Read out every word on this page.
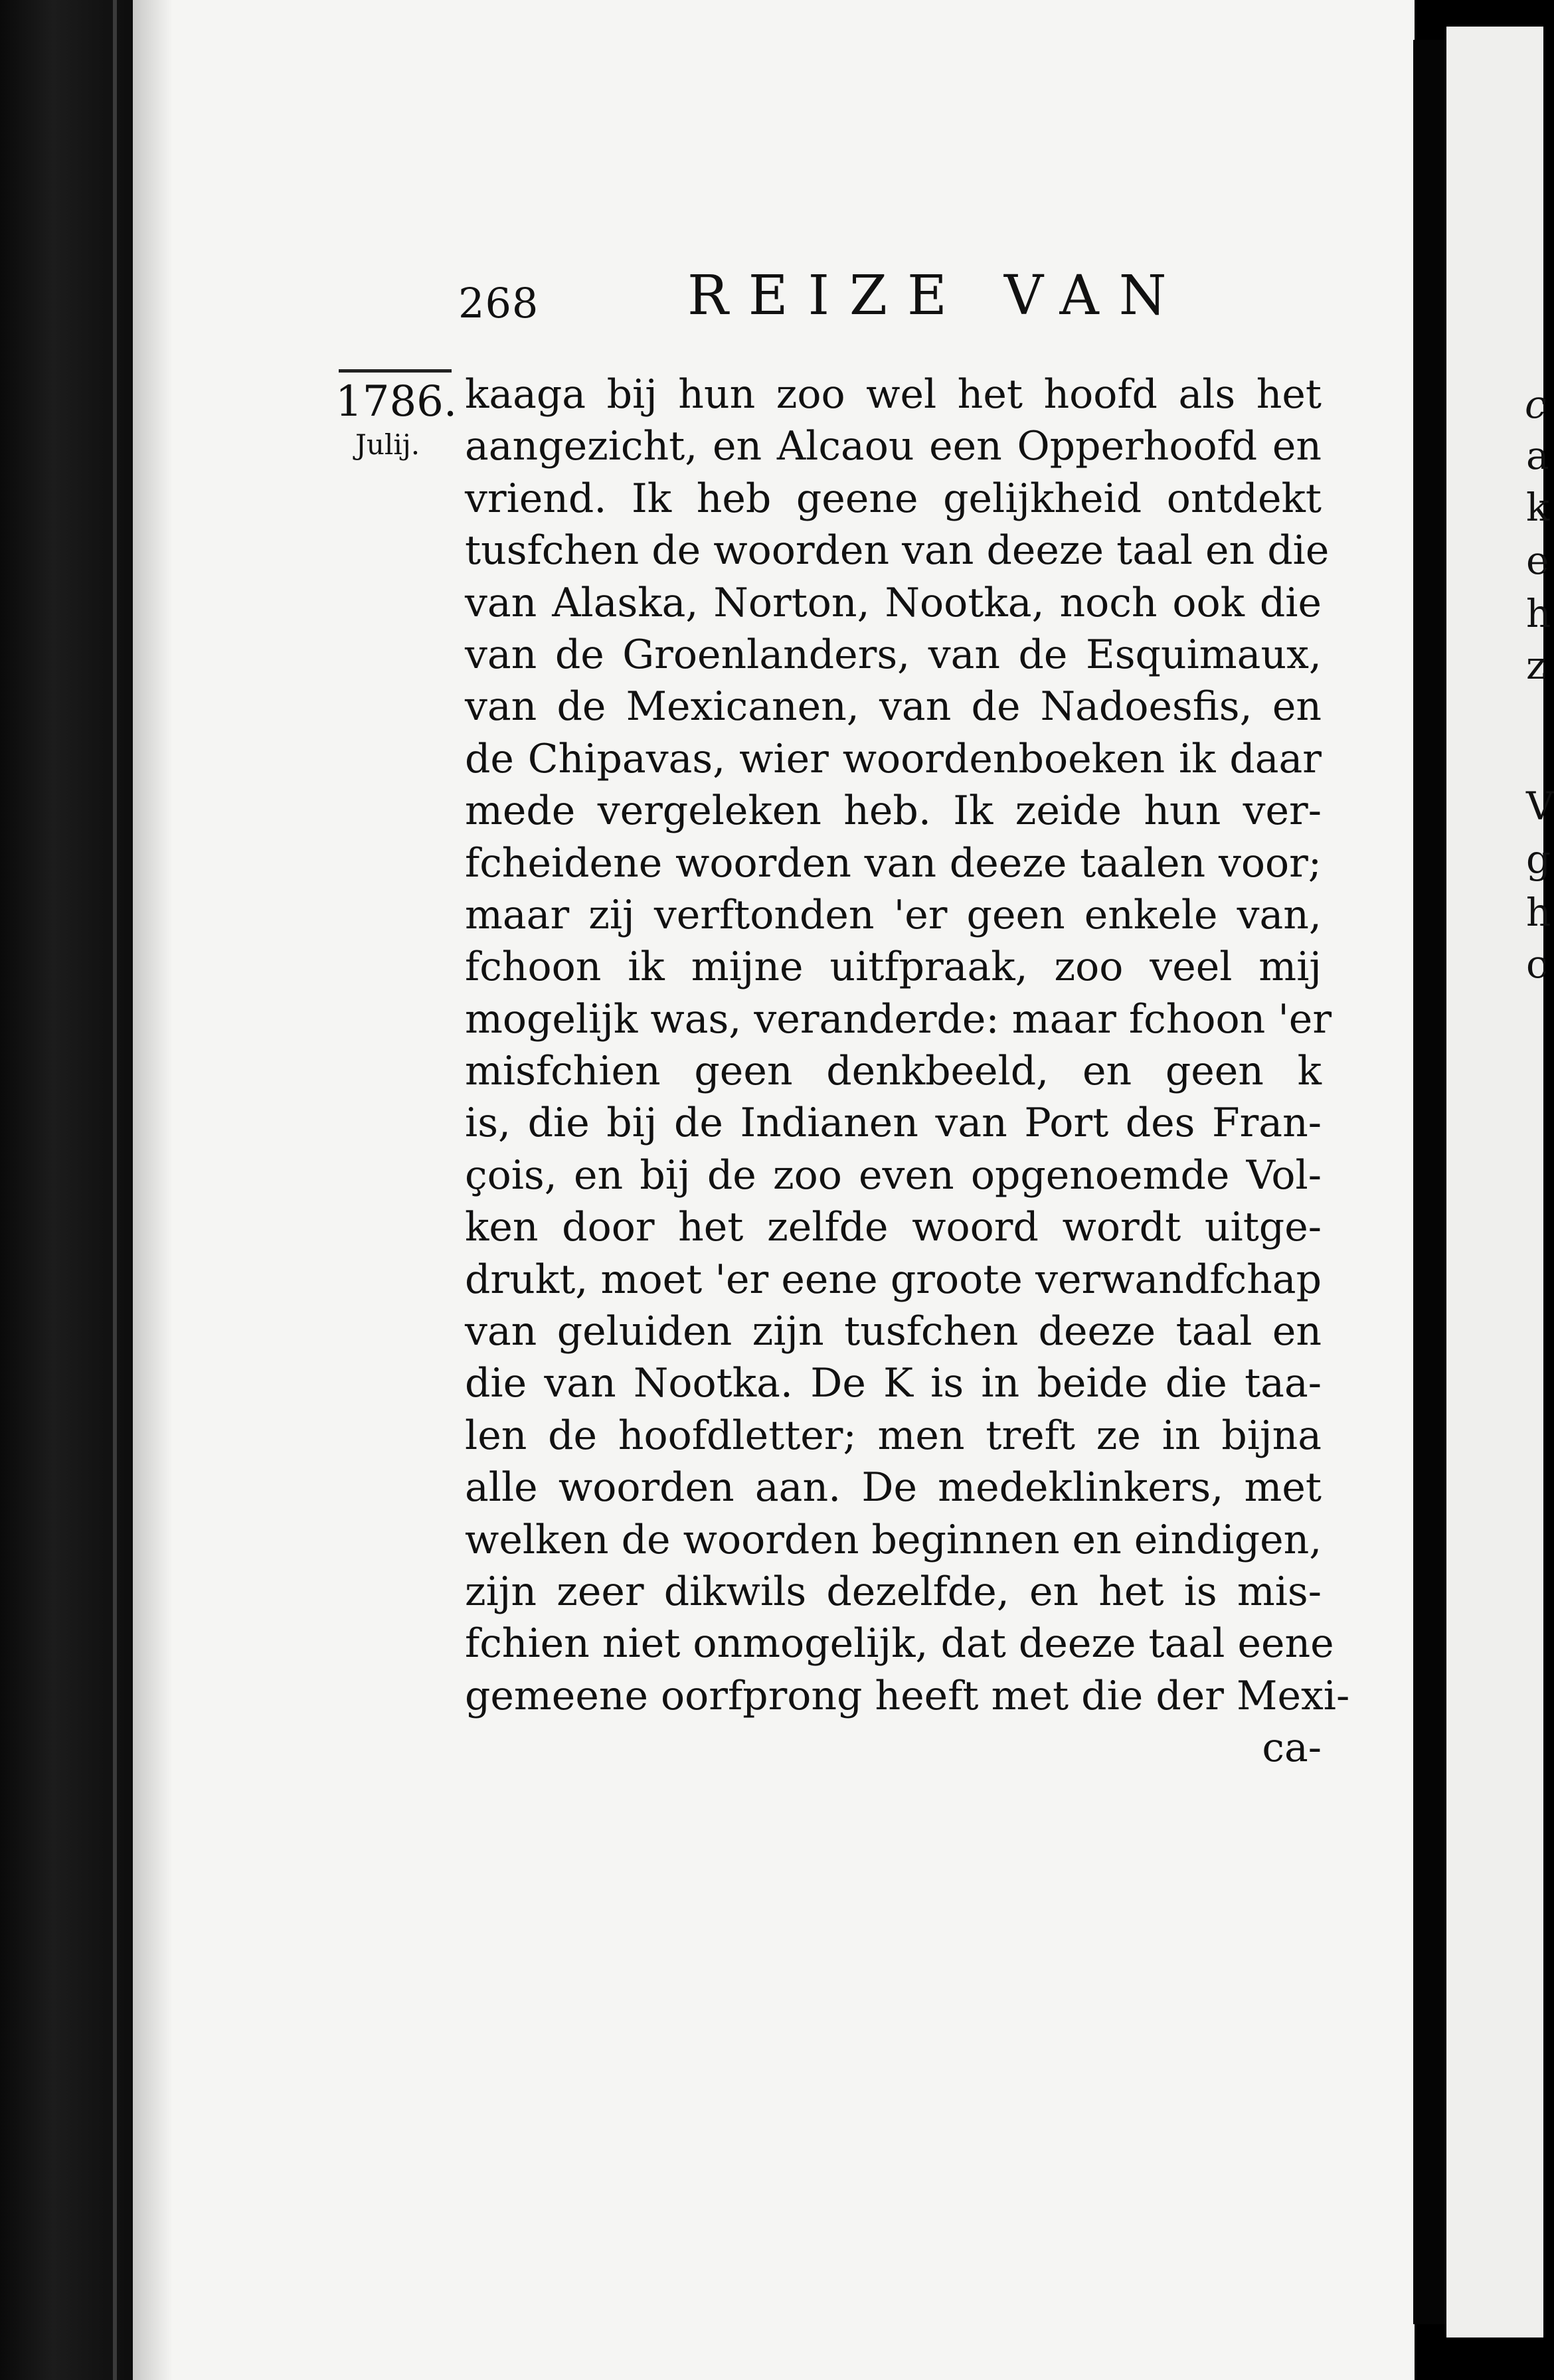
c
a
k
e
h
z
V
g
h
c
268	REIZE VAN
1786.
Julij.
kaaga bij hun zoo wel het hoofd als het
aangezicht, en Alcaou een Opperhoofd en
vriend. Ik heb geene gelijkheid ontdekt
tusfchen de woorden van deeze taal en die
van Alaska, Norton, Nootka, noch ook die
van de Groenlanders, van de Esquimaux,
van de Mexicanen, van de Nadoesfis, en
de Chipavas, wier woordenboeken ik daar
mede vergeleken heb. Ik zeide hun ver-
fcheidene woorden van deeze taalen voor;
maar zij verftonden 'er geen enkele van,
fchoon ik mijne uitfpraak, zoo veel mij
mogelijk was, veranderde: maar fchoon 'er
misfchien geen denkbeeld, en geen k
is, die bij de Indianen van Port des Fran-
çois, en bij de zoo even opgenoemde Vol-
ken door het zelfde woord wordt uitge-
drukt, moet 'er eene groote verwandfchap
van geluiden zijn tusfchen deeze taal en
die van Nootka. De K is in beide die taa-
len de hoofdletter; men treft ze in bijna
alle woorden aan. De medeklinkers, met
welken de woorden beginnen en eindigen,
zijn zeer dikwils dezelfde, en het is mis-
fchien niet onmogelijk, dat deeze taal eene
gemeene oorfprong heeft met die der Mexi-
ca-
